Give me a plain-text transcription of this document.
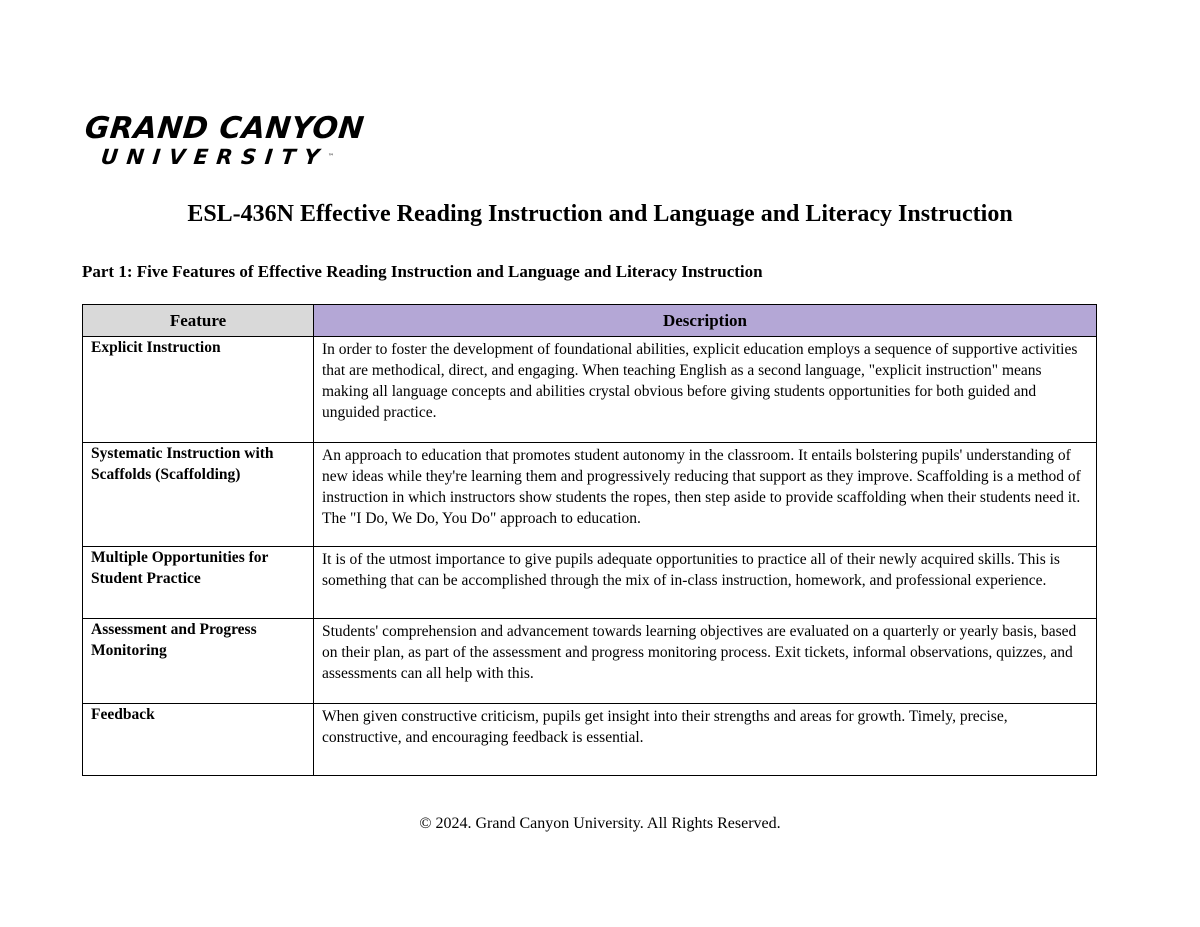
GRAND CANYON
UNIVERSITY™
ESL-436N Effective Reading Instruction and Language and Literacy Instruction
Part 1: Five Features of Effective Reading Instruction and Language and Literacy Instruction
Feature	Description
Explicit Instruction	In order to foster the development of foundational abilities, explicit education employs a sequence of supportive activities that are methodical, direct, and engaging. When teaching English as a second language, "explicit instruction" means making all language concepts and abilities crystal obvious before giving students opportunities for both guided and unguided practice.
Systematic Instruction with Scaffolds (Scaffolding)	An approach to education that promotes student autonomy in the classroom. It entails bolstering pupils' understanding of new ideas while they're learning them and progressively reducing that support as they improve. Scaffolding is a method of instruction in which instructors show students the ropes, then step aside to provide scaffolding when their students need it. The "I Do, We Do, You Do" approach to education.
Multiple Opportunities for Student Practice	It is of the utmost importance to give pupils adequate opportunities to practice all of their newly acquired skills. This is something that can be accomplished through the mix of in-class instruction, homework, and professional experience.
Assessment and Progress Monitoring	Students' comprehension and advancement towards learning objectives are evaluated on a quarterly or yearly basis, based on their plan, as part of the assessment and progress monitoring process. Exit tickets, informal observations, quizzes, and assessments can all help with this.
Feedback	When given constructive criticism, pupils get insight into their strengths and areas for growth. Timely, precise, constructive, and encouraging feedback is essential.
© 2024. Grand Canyon University. All Rights Reserved.
